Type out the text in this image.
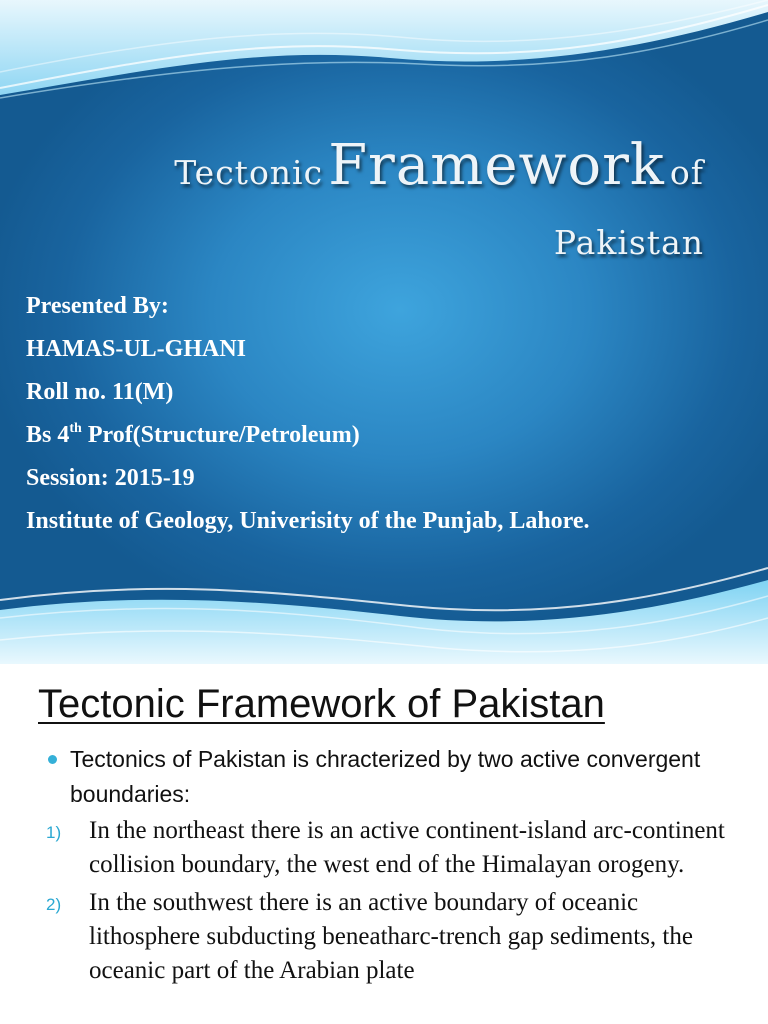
Tectonic Framework of
Pakistan
Presented By:
HAMAS-UL-GHANI
Roll no. 11(M)
Bs 4th Prof(Structure/Petroleum)
Session: 2015-19
Institute of Geology, Univerisity of the Punjab, Lahore.
Tectonic Framework of Pakistan
Tectonics of Pakistan is chracterized by two active convergent boundaries:
1) In the northeast there is an active continent-island arc-continent collision boundary, the west end of the Himalayan orogeny.
2) In the southwest there is an active boundary of oceanic lithosphere subducting beneatharc-trench gap sediments, the oceanic part of the Arabian plate
